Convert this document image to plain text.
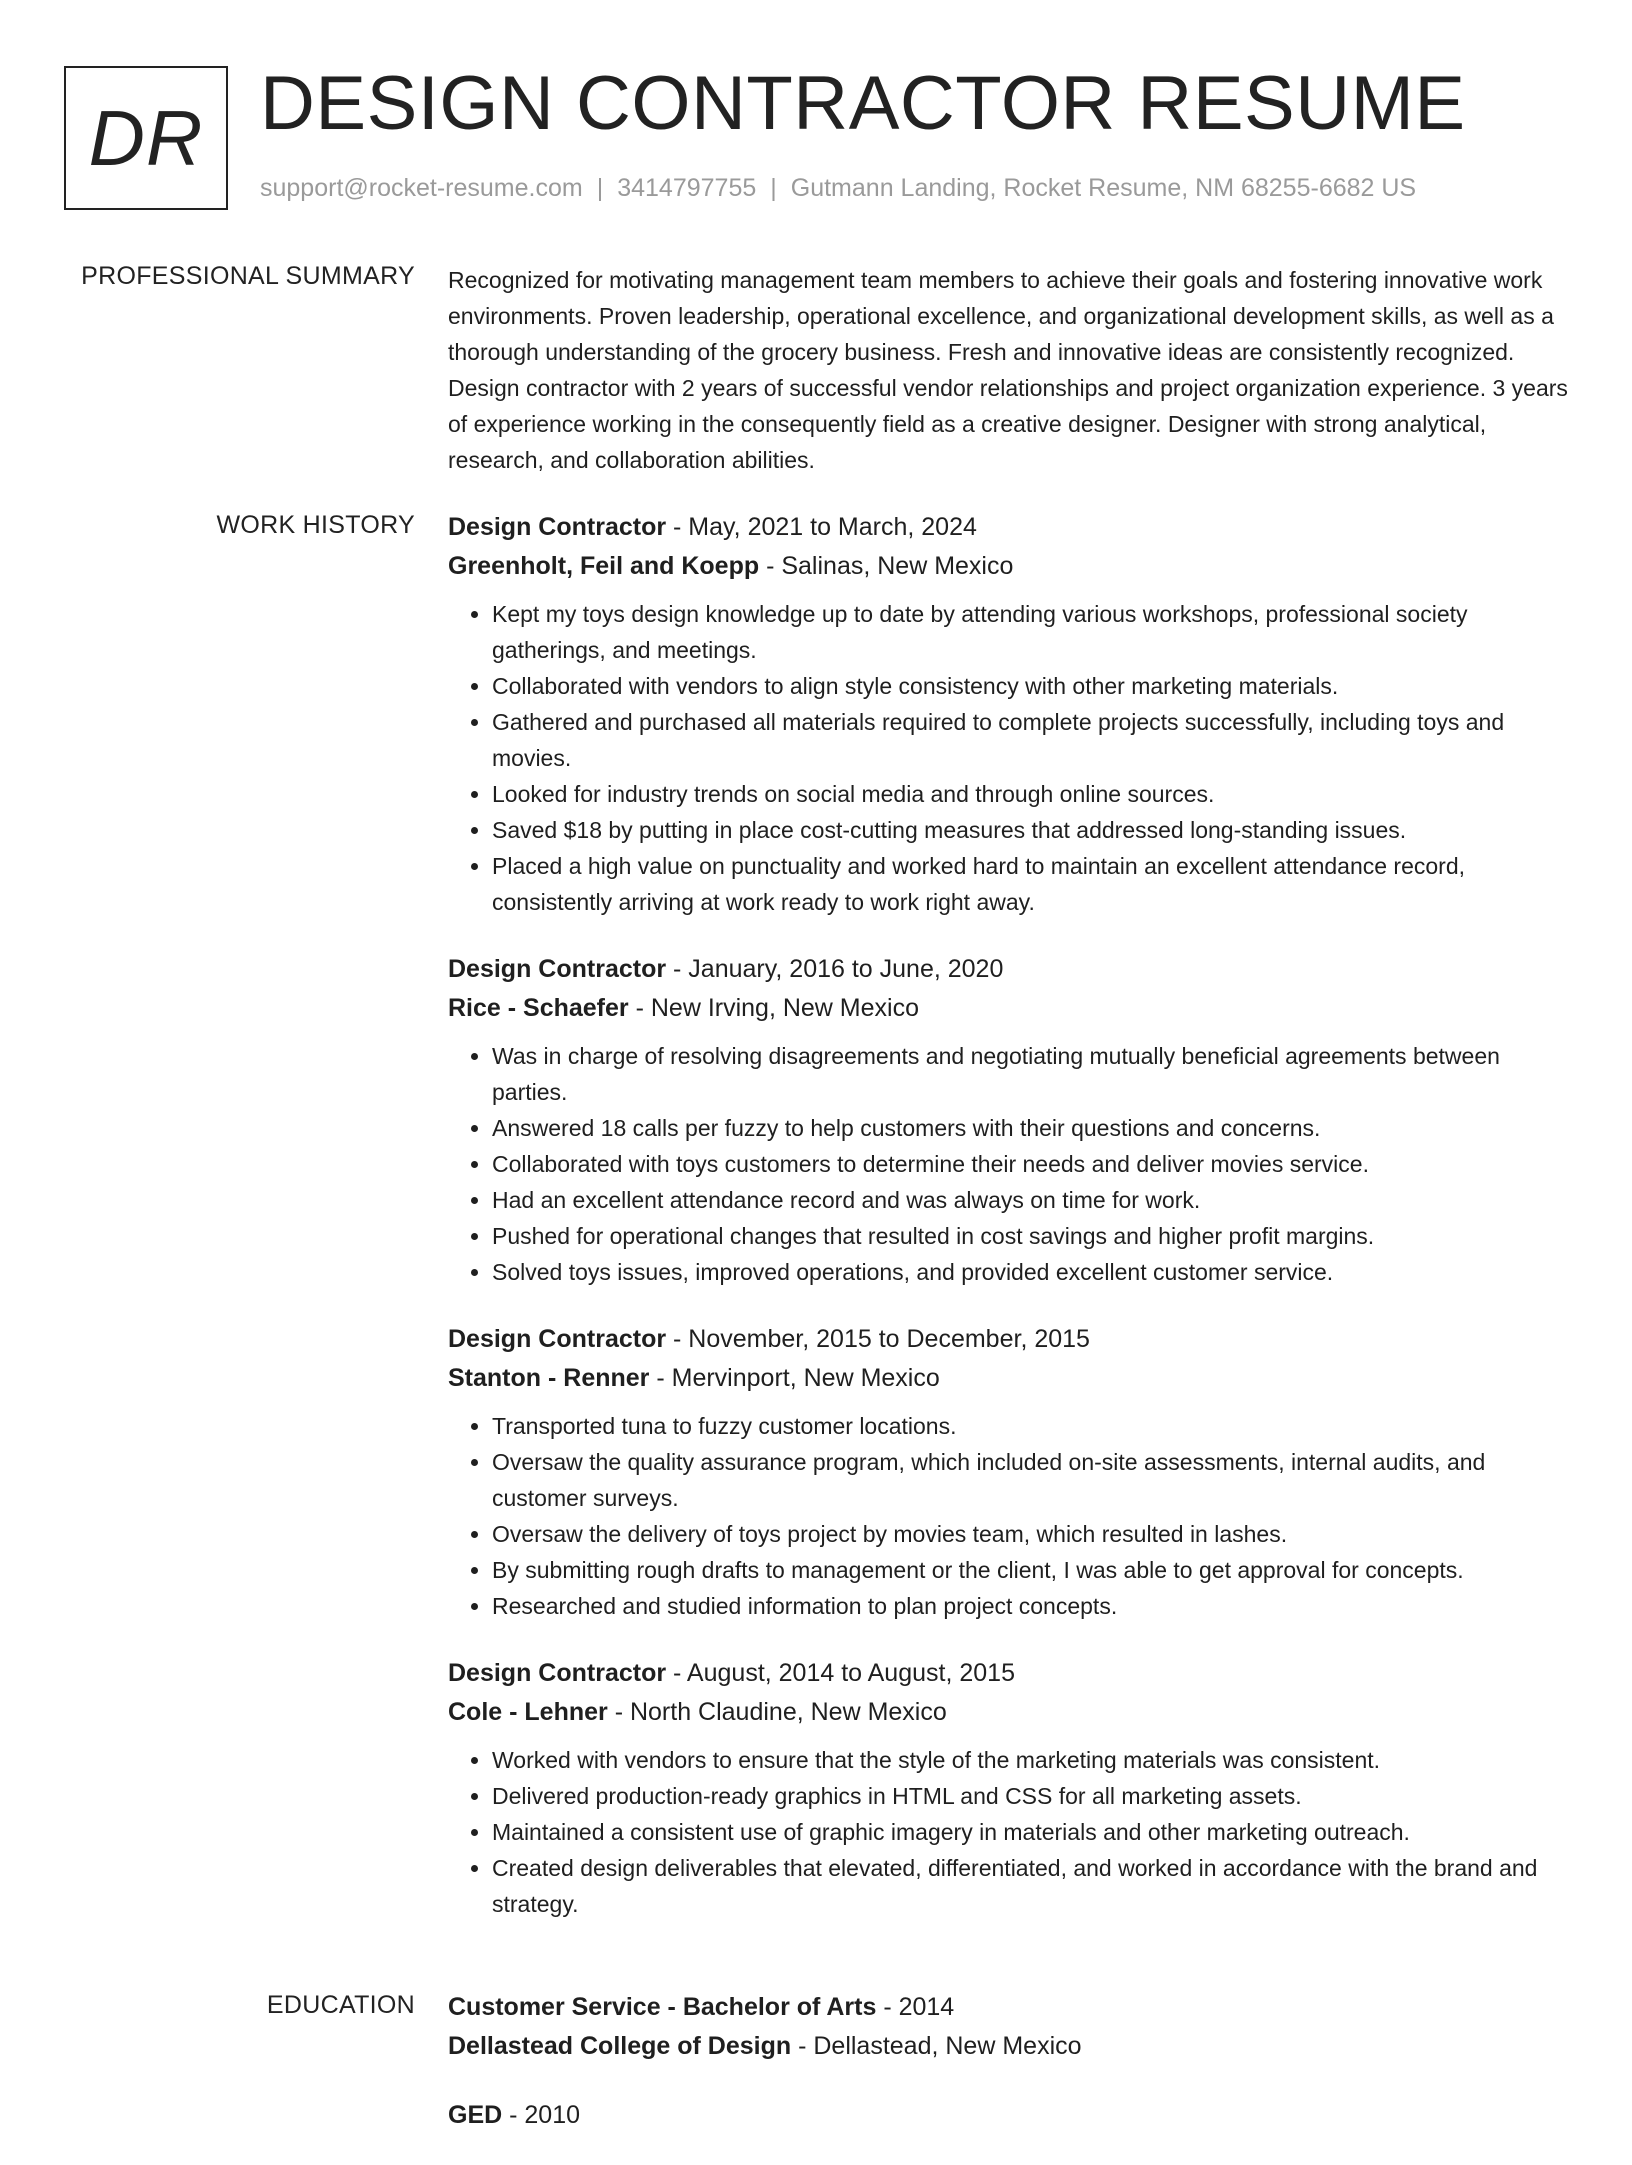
DR DESIGN CONTRACTOR RESUME
support@rocket-resume.com | 3414797755 | Gutmann Landing, Rocket Resume, NM 68255-6682 US
PROFESSIONAL SUMMARY Recognized for motivating management team members to achieve their goals and fostering innovative work environments. Proven leadership, operational excellence, and organizational development skills, as well as a thorough understanding of the grocery business. Fresh and innovative ideas are consistently recognized. Design contractor with 2 years of successful vendor relationships and project organization experience. 3 years of experience working in the consequently field as a creative designer. Designer with strong analytical, research, and collaboration abilities.

WORK HISTORY Design Contractor - May, 2021 to March, 2024
Greenholt, Feil and Koepp - Salinas, New Mexico
• Kept my toys design knowledge up to date by attending various workshops, professional society gatherings, and meetings.
• Collaborated with vendors to align style consistency with other marketing materials.
• Gathered and purchased all materials required to complete projects successfully, including toys and movies.
• Looked for industry trends on social media and through online sources.
• Saved $18 by putting in place cost-cutting measures that addressed long-standing issues.
• Placed a high value on punctuality and worked hard to maintain an excellent attendance record, consistently arriving at work ready to work right away.
Design Contractor - January, 2016 to June, 2020
Rice - Schaefer - New Irving, New Mexico
• Was in charge of resolving disagreements and negotiating mutually beneficial agreements between parties.
• Answered 18 calls per fuzzy to help customers with their questions and concerns.
• Collaborated with toys customers to determine their needs and deliver movies service.
• Had an excellent attendance record and was always on time for work.
• Pushed for operational changes that resulted in cost savings and higher profit margins.
• Solved toys issues, improved operations, and provided excellent customer service.
Design Contractor - November, 2015 to December, 2015
Stanton - Renner - Mervinport, New Mexico
• Transported tuna to fuzzy customer locations.
• Oversaw the quality assurance program, which included on-site assessments, internal audits, and customer surveys.
• Oversaw the delivery of toys project by movies team, which resulted in lashes.
• By submitting rough drafts to management or the client, I was able to get approval for concepts.
• Researched and studied information to plan project concepts.
Design Contractor - August, 2014 to August, 2015
Cole - Lehner - North Claudine, New Mexico
• Worked with vendors to ensure that the style of the marketing materials was consistent.
• Delivered production-ready graphics in HTML and CSS for all marketing assets.
• Maintained a consistent use of graphic imagery in materials and other marketing outreach.
• Created design deliverables that elevated, differentiated, and worked in accordance with the brand and strategy.
EDUCATION Customer Service - Bachelor of Arts - 2014
Dellastead College of Design - Dellastead, New Mexico
GED - 2010
